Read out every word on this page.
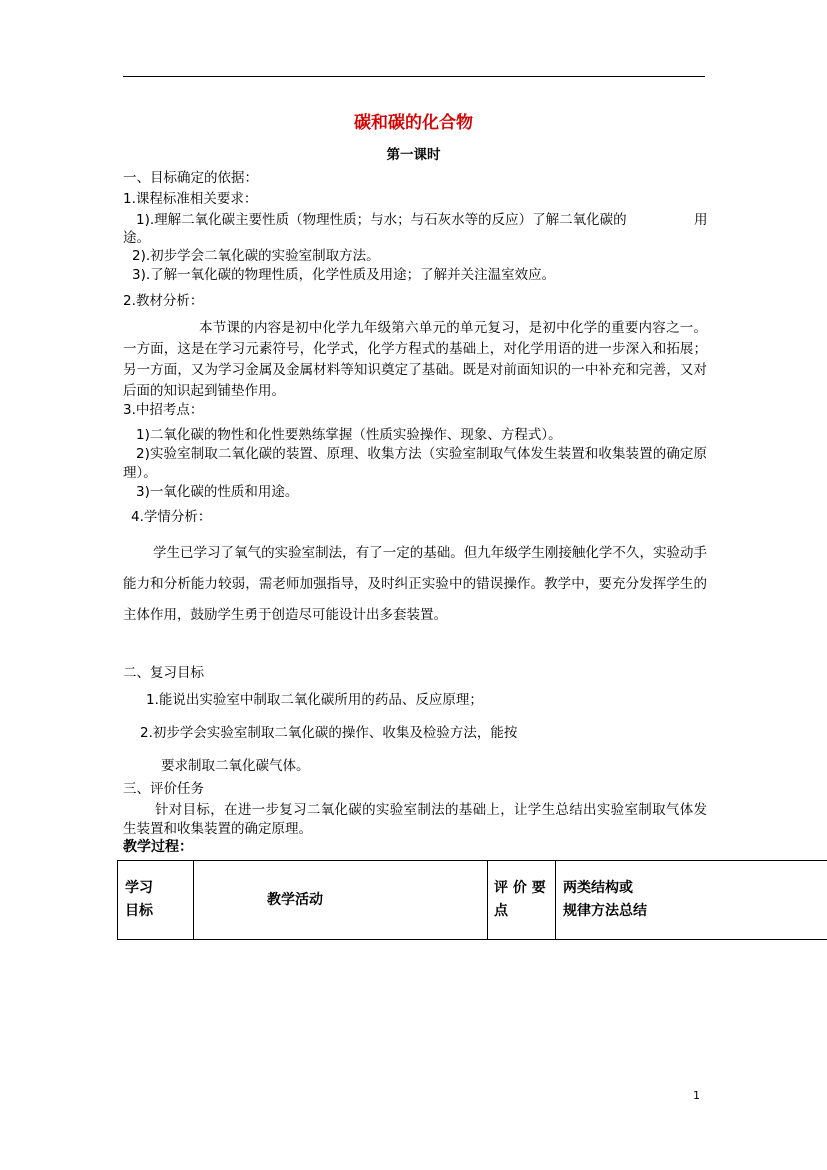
碳和碳的化合物
第一课时
一、目标确定的依据：
1.课程标准相关要求：
1).理解二氧化碳主要性质（物理性质；与水；与石灰水等的反应）了解二氧化碳的	用
途。
2).初步学会二氧化碳的实验室制取方法。
3).了解一氧化碳的物理性质，化学性质及用途；了解并关注温室效应。
2.教材分析：
本节课的内容是初中化学九年级第六单元的单元复习，是初中化学的重要内容之一。一方面，这是在学习元素符号，化学式，化学方程式的基础上，对化学用语的进一步深入和拓展；另一方面，又为学习金属及金属材料等知识奠定了基础。既是对前面知识的一中补充和完善，又对后面的知识起到铺垫作用。
3.中招考点：
1)二氧化碳的物性和化性要熟练掌握（性质实验操作、现象、方程式）。
2)实验室制取二氧化碳的装置、原理、收集方法（实验室制取气体发生装置和收集装置的确定原理）。
3)一氧化碳的性质和用途。
4.学情分析：
学生已学习了氧气的实验室制法，有了一定的基础。但九年级学生刚接触化学不久，实验动手能力和分析能力较弱，需老师加强指导，及时纠正实验中的错误操作。教学中，要充分发挥学生的主体作用，鼓励学生勇于创造尽可能设计出多套装置。
二、复习目标
1.能说出实验室中制取二氧化碳所用的药品、反应原理；
2.初步学会实验室制取二氧化碳的操作、收集及检验方法，能按
要求制取二氧化碳气体。
三、评价任务
针对目标，在进一步复习二氧化碳的实验室制法的基础上，让学生总结出实验室制取气体发生装置和收集装置的确定原理。
教学过程：
学习
目标
教学活动
评 价 要
点
两类结构或
规律方法总结
1
